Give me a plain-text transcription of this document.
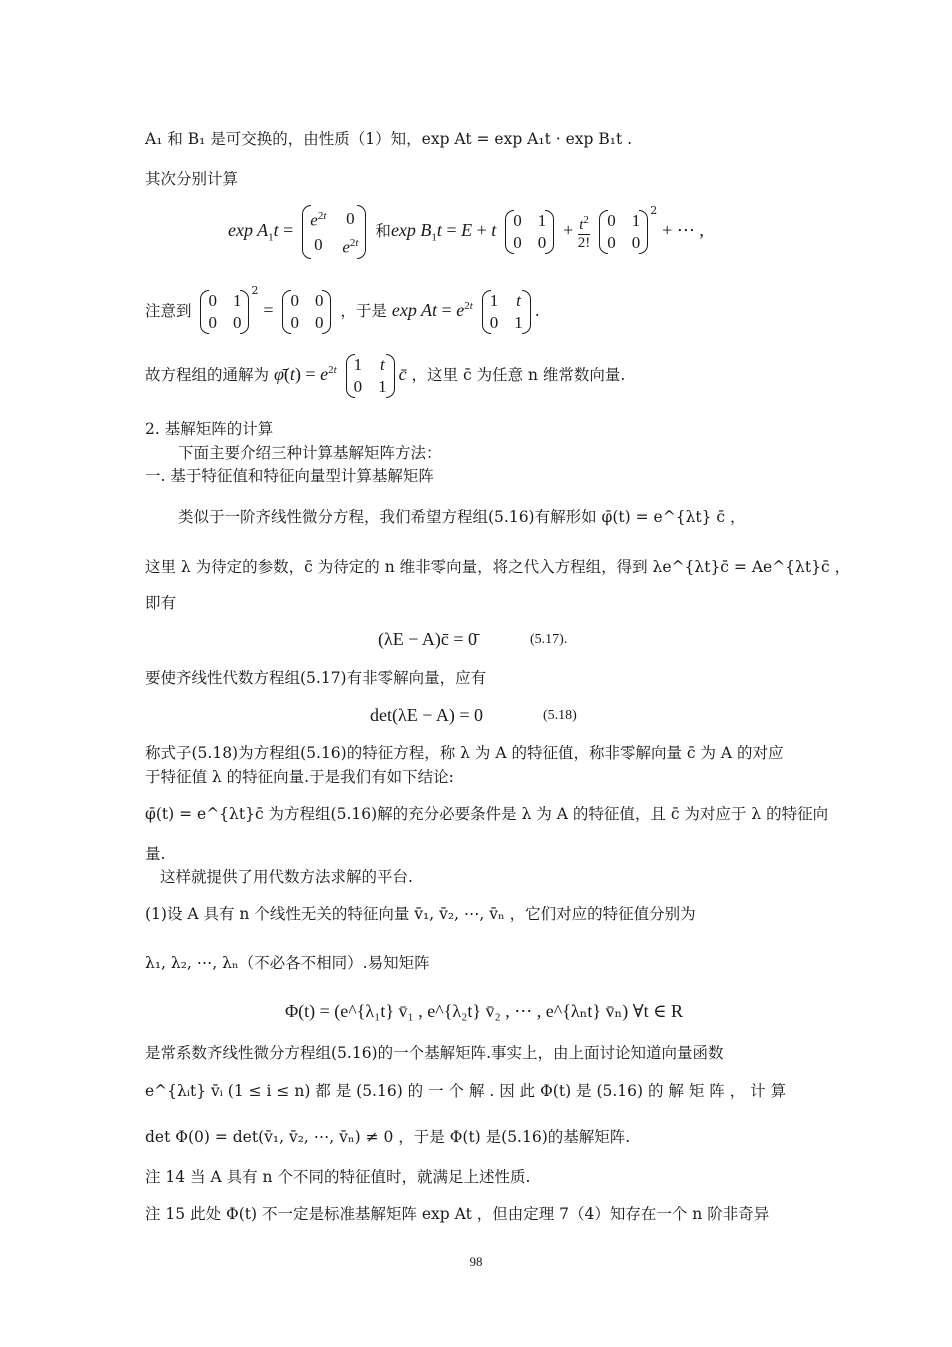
A₁ 和 B₁ 是可交换的，由性质（1）知，exp At = exp A₁t · exp B₁t .
其次分别计算
$\exp A_1t = e^{2t}$	0
0	$e^{2t}$
和$\exp B_1t = E + t$ 0	1
0	0
+ $t^2$
2!
0	1
0	0
$^2$ + ⋯ ,
注意到
0	1
0	0
$^2$ = 0	0
0	0
，于是 $\exp At = e^{2t}$ 1	t
0	1
.
故方程组的通解为 φ̄(t) = $e^{2t}$ 1	t
0	1
c̄ ，这里 c̄ 为任意 n 维常数向量.
2. 基解矩阵的计算
下面主要介绍三种计算基解矩阵方法：
一. 基于特征值和特征向量型计算基解矩阵
类似于一阶齐线性微分方程，我们希望方程组(5.16)有解形如 φ̄(t) = e^{λt} c̄ ，
这里 λ 为待定的参数，c̄ 为待定的 n 维非零向量，将之代入方程组，得到 λe^{λt}c̄ = Ae^{λt}c̄ ，
即有
(λE − A)c̄ = 0̄	(5.17).
要使齐线性代数方程组(5.17)有非零解向量，应有
det(λE − A) = 0	(5.18)
称式子(5.18)为方程组(5.16)的特征方程，称 λ 为 A 的特征值，称非零解向量 c̄ 为 A 的对应
于特征值 λ 的特征向量.于是我们有如下结论:
φ̄(t) = e^{λt}c̄ 为方程组(5.16)解的充分必要条件是 λ 为 A 的特征值，且 c̄ 为对应于 λ 的特征向
量.
这样就提供了用代数方法求解的平台.
(1)设 A 具有 n 个线性无关的特征向量 v̄₁, v̄₂, ⋯, v̄ₙ ，它们对应的特征值分别为
λ₁, λ₂, ⋯, λₙ（不必各不相同）.易知矩阵
Φ(t) = (e^{λ₁t} v̄₁ , e^{λ₂t} v̄₂ , ⋯ , e^{λₙt} v̄ₙ) ∀t ∈ R
是常系数齐线性微分方程组(5.16)的一个基解矩阵.事实上，由上面讨论知道向量函数
e^{λᵢt} v̄ᵢ (1 ≤ i ≤ n) 都 是 (5.16) 的 一 个 解 . 因 此 Φ(t) 是 (5.16) 的 解 矩 阵 ， 计 算
det Φ(0) = det(v̄₁, v̄₂, ⋯, v̄ₙ) ≠ 0 ，于是 Φ(t) 是(5.16)的基解矩阵.
注 14 当 A 具有 n 个不同的特征值时，就满足上述性质.
注 15 此处 Φ(t) 不一定是标准基解矩阵 exp At ，但由定理 7（4）知存在一个 n 阶非奇异
98
